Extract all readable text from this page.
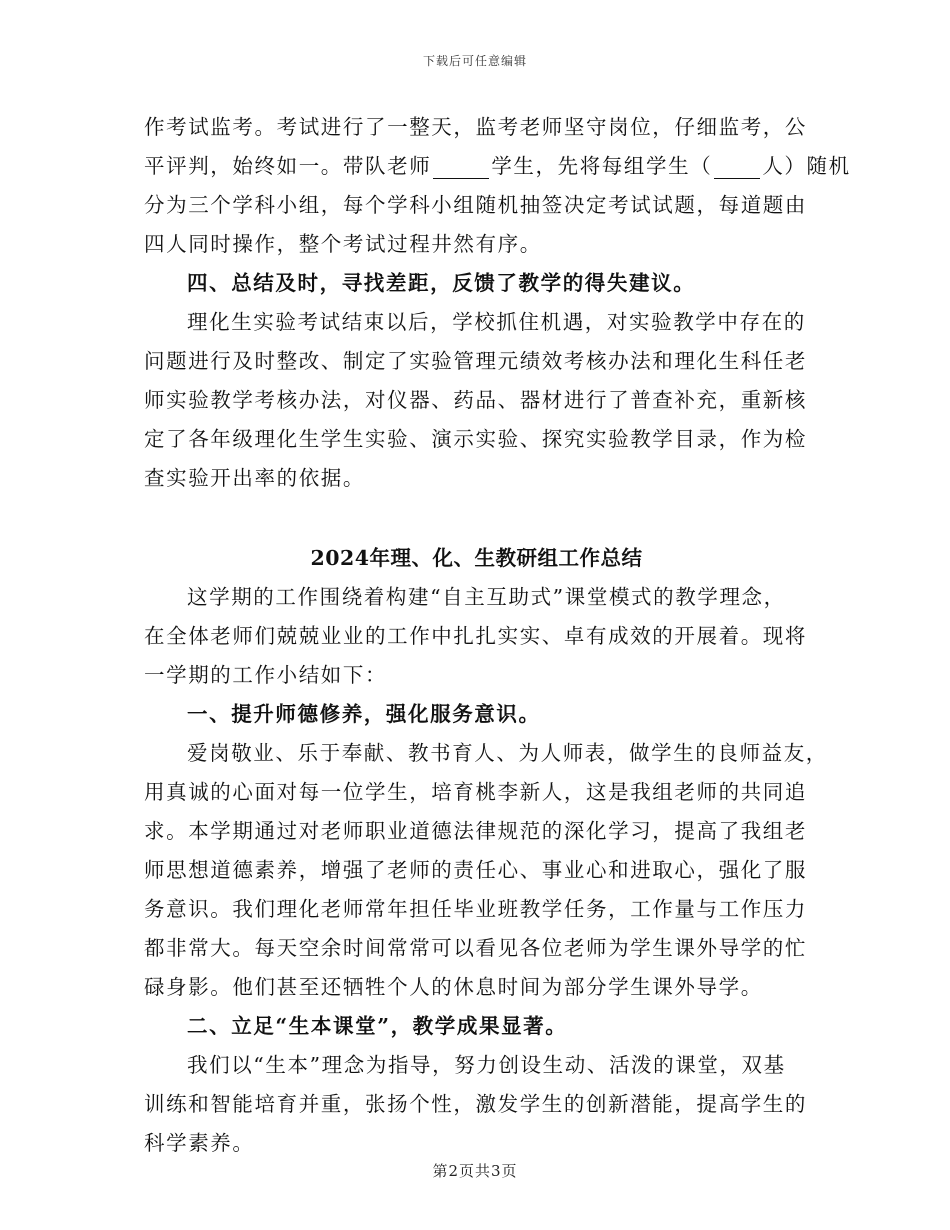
下载后可任意编辑
作考试监考。考试进行了一整天，监考老师坚守岗位，仔细监考，公
平评判，始终如一。带队老师	学生，先将每组学生（ 人）随机
分为三个学科小组，每个学科小组随机抽签决定考试试题，每道题由
四人同时操作，整个考试过程井然有序。
四、总结及时，寻找差距，反馈了教学的得失建议。
理化生实验考试结束以后，学校抓住机遇，对实验教学中存在的
问题进行及时整改、制定了实验管理元绩效考核办法和理化生科任老
师实验教学考核办法，对仪器、药品、器材进行了普查补充，重新核
定了各年级理化生学生实验、演示实验、探究实验教学目录，作为检
查实验开出率的依据。
2024年理、化、生教研组工作总结
这学期的工作围绕着构建“自主互助式”课堂模式的教学理念，
在全体老师们兢兢业业的工作中扎扎实实、卓有成效的开展着。现将
一学期的工作小结如下：
一、提升师德修养，强化服务意识。
爱岗敬业、乐于奉献、教书育人、为人师表，做学生的良师益友，
用真诚的心面对每一位学生，培育桃李新人，这是我组老师的共同追
求。本学期通过对老师职业道德法律规范的深化学习，提高了我组老
师思想道德素养，增强了老师的责任心、事业心和进取心，强化了服
务意识。我们理化老师常年担任毕业班教学任务，工作量与工作压力
都非常大。每天空余时间常常可以看见各位老师为学生课外导学的忙
碌身影。他们甚至还牺牲个人的休息时间为部分学生课外导学。
二、立足“生本课堂”，教学成果显著。
我们以“生本”理念为指导，努力创设生动、活泼的课堂，双基
训练和智能培育并重，张扬个性，激发学生的创新潜能，提高学生的
科学素养。
第2页共3页
